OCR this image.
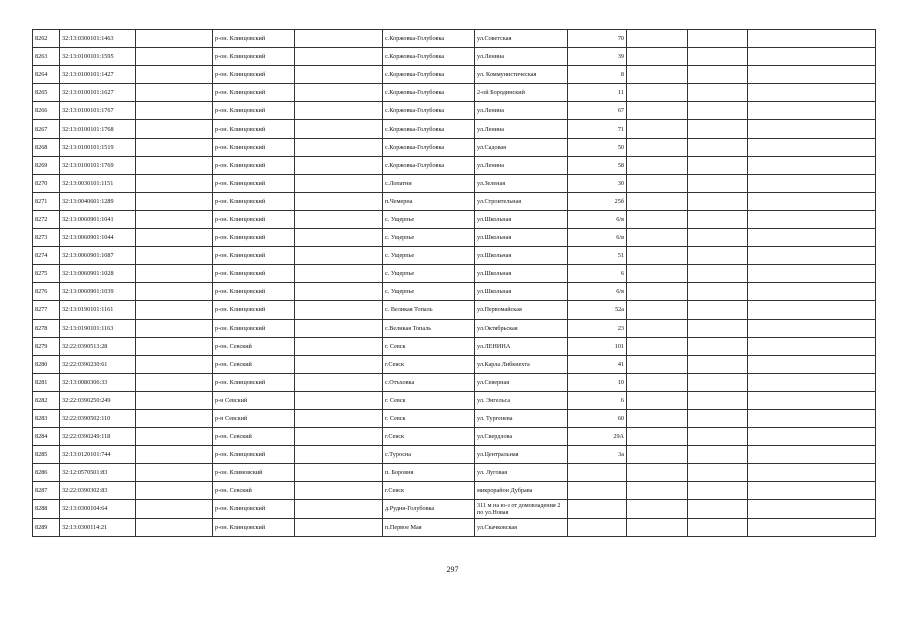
8262	32:13:0300101:1463		р-он. Клинцовский		с.Коржовка-Голубовка	ул.Советская	70			
8263	32:13:0100101:1595		р-он. Клинцовский		с.Коржовка-Голубовка	ул.Ленина	39			
8264	32:13:0100101:1427		р-он. Клинцовский		с.Коржовка-Голубовка	ул. Коммунистическая	8			
8265	32:13:0100101:1627		р-он. Клинцовский		с.Коржовка-Голубовка	2-ой Бородинский	11			
8266	32:13:0100101:1767		р-он. Клинцовский		с.Коржовка-Голубовка	ул.Ленина	67			
8267	32:13:0100101:1768		р-он. Клинцовский		с.Коржовка-Голубовка	ул.Ленина	71			
8268	32:13:0100101:1519		р-он. Клинцовский		с.Коржовка-Голубовка	ул.Садовая	50			
8269	32:13:0100101:1769		р-он. Клинцовский		с.Коржовка-Голубовка	ул.Ленина	58			
8270	32:13:0030101:1151		р-он. Клинцовский		с.Лопатни	ул.Зеленая	30			
8271	32:13:0040601:1289		р-он. Клинцовский		п.Чемерна	ул.Строительная	25б			
8272	32:13:0060901:1041		р-он. Клинцовский		с. Ущерпье	ул.Школьная	6/в			
8273	32:13:0060901:1044		р-он. Клинцовский		с. Ущерпье	ул.Школьная	6/в			
8274	32:13:0060901:1087		р-он. Клинцовский		с. Ущерпье	ул.Школьная	51			
8275	32:13:0060901:1028		р-он. Клинцовский		с. Ущерпье	ул.Школьная	6			
8276	32:13:0060901:1039		р-он. Клинцовский		с. Ущерпье	ул.Школьная	6/в			
8277	32:13:0190101:1161		р-он. Клинцовский		с. Великая Топаль	ул.Первомайская	52а			
8278	32:13:0190101:1163		р-он. Клинцовский		с.Великая Топаль	ул.Октябрьская	23			
8279	32:22:0390513:28		р-он. Севский		г. Севск	ул.ЛЕНИНА	101			
8280	32:22:0390230:61		р-он. Севский		г.Севск	ул.Карла Либкнехта	41			
8281	32:13:0080306:33		р-он. Клинцовский		с.Отъховка	ул.Северная	10			
8282	32:22:0390250:249		р-н Севский		г. Севск	ул. Энгельса	6			
8283	32:22:0390502:110		р-н Севский		г. Севск	ул. Тургенева	60			
8284	32:22:0390249:118		р-он. Севский		г.Севск	ул.Свердлова	29А			
8285	32:13:0120101:744		р-он. Клинцовский		с.Туросна	ул.Центральная	3а			
8286	32:12:0570501:83		р-он. Климовский		п. Боровня	ул. Луговая				
8287	32:22:0390302:83		р-он. Севский		г.Севск	микрорайон Дубрава				
8288	32:13:0300104:64		р-он. Клинцовский		д.Рудня-Голубовка	311 м на ю-з от домовладения 2 по ул.Новая				
8289	32:13:0300114:21		р-он. Клинцовский		п.Первое Мая	ул.Скачковская				
297
